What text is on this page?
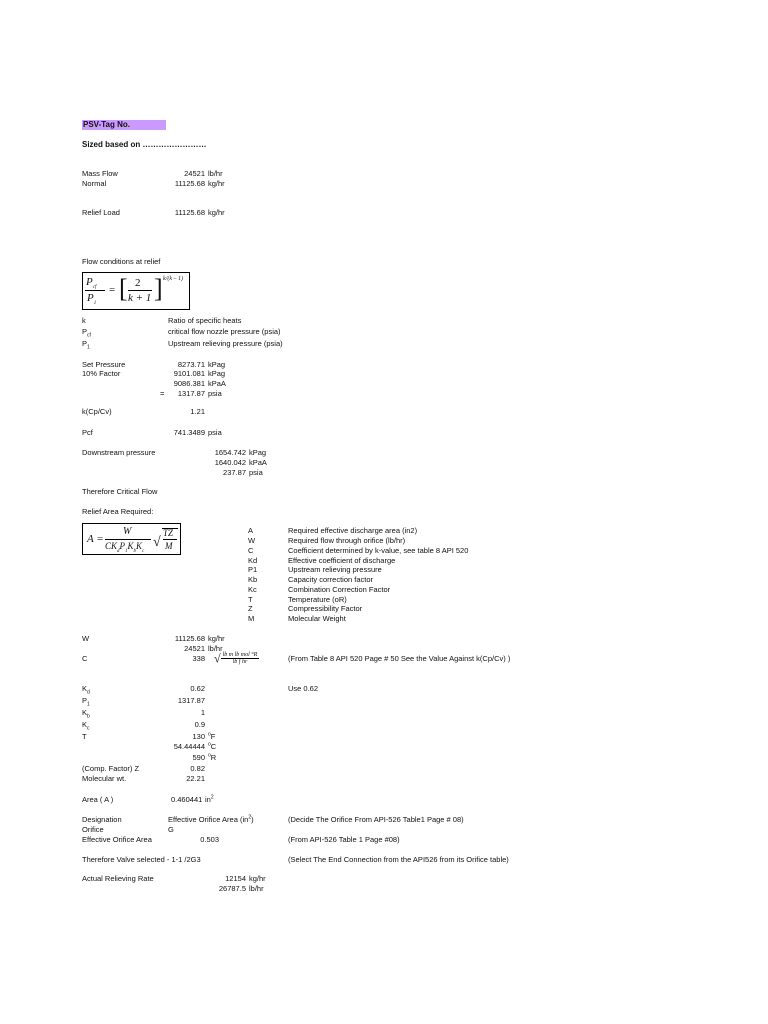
PSV-Tag No.
Sized based on ……………………
Mass Flow	24521 lb/hr
Normal	11125.68 kg/hr
Relief Load	11125.68 kg/hr
Flow conditions at relief
$P_{cf}$
$P_1$
= [ 2
k + 1 ] k/(k – 1)
k	Ratio of specific heats
$P_{cf}$	critical flow nozzle pressure (psia)
$P_1$	Upstream relieving pressure (psia)
Set Pressure	8273.71 kPag
10% Factor	9101.081 kPag
9086.381 kPaA
= 1317.87 psia
k(Cp/Cv)	1.21
Pcf	741.3489 psia
Downstream pressure	1654.742 kPag
1640.042 kPaA
237.87 psia
Therefore Critical Flow
Relief Area Required:
A =
W
$CK_dP_1K_bK_c$
√
TZ
M
A	Required effective discharge area (in2)
W	Required flow through orifice (lb/hr)
C	Coefficient determined by k-value, see table 8 API 520
Kd	Effective coefficient of discharge
P1	Upstream relieving pressure
Kb	Capacity correction factor
Kc	Combination Correction Factor
T	Temperature (oR)
Z	Compressibility Factor
M	Molecular Weight
W	11125.68 kg/hr
24521 lb/hr
C	338 √ $\frac{\text{lb m lb mol °R}}{\text{lb f hr}}$	(From Table 8 API 520 Page # 50 See the Value Against k(Cp/Cv) )
$K_d$	0.62	Use 0.62
$P_1$	1317.87
$K_b$	1
$K_c$	0.9
T	130 $^o$F
54.44444 $^o$C
590 $^o$R
(Comp. Factor) Z	0.82
Molecular wt.	22.21
Area ( A )	0.460441 $in^2$
Designation	Effective Orifice Area $(in^2)$	(Decide The Orifice From API-526 Table1 Page # 08)
Orifice	G
Effective Orifice Area	0.503	(From API-526 Table 1 Page #08)
Therefore Valve selected - 1-1 /2G3	(Select The End Connection from the API526 from its Orifice table)
Actual Relieving Rate	12154 kg/hr
26787.5 lb/hr
